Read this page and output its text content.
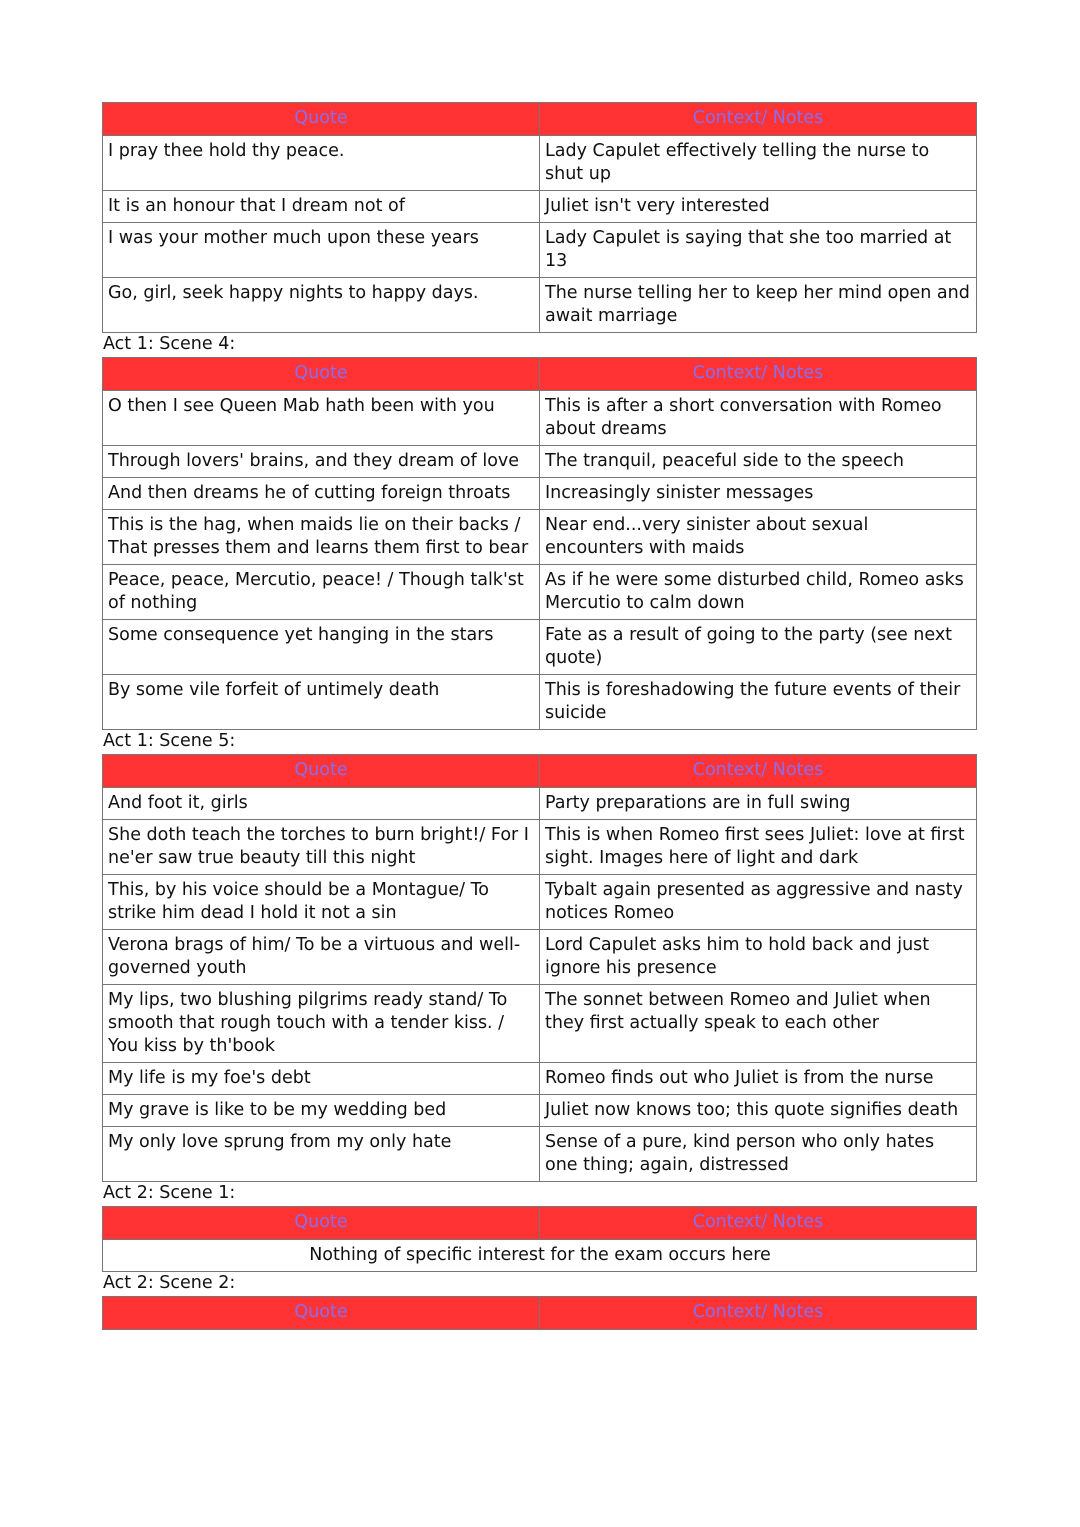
Quote	Context/ Notes
I pray thee hold thy peace.	Lady Capulet effectively telling the nurse to shut up
It is an honour that I dream not of	Juliet isn't very interested
I was your mother much upon these years	Lady Capulet is saying that she too married at 13
Go, girl, seek happy nights to happy days.	The nurse telling her to keep her mind open and await marriage
Act 1: Scene 4:
Quote	Context/ Notes
O then I see Queen Mab hath been with you	This is after a short conversation with Romeo about dreams
Through lovers' brains, and they dream of love	The tranquil, peaceful side to the speech
And then dreams he of cutting foreign throats	Increasingly sinister messages
This is the hag, when maids lie on their backs / That presses them and learns them first to bear	Near end...very sinister about sexual encounters with maids
Peace, peace, Mercutio, peace! / Though talk'st of nothing	As if he were some disturbed child, Romeo asks Mercutio to calm down
Some consequence yet hanging in the stars	Fate as a result of going to the party (see next quote)
By some vile forfeit of untimely death	This is foreshadowing the future events of their suicide
Act 1: Scene 5:
Quote	Context/ Notes
And foot it, girls	Party preparations are in full swing
She doth teach the torches to burn bright!/ For I ne'er saw true beauty till this night	This is when Romeo first sees Juliet: love at first sight. Images here of light and dark
This, by his voice should be a Montague/ To strike him dead I hold it not a sin	Tybalt again presented as aggressive and nasty notices Romeo
Verona brags of him/ To be a virtuous and well-governed youth	Lord Capulet asks him to hold back and just ignore his presence
My lips, two blushing pilgrims ready stand/ To smooth that rough touch with a tender kiss. / You kiss by th'book	The sonnet between Romeo and Juliet when they first actually speak to each other
My life is my foe's debt	Romeo finds out who Juliet is from the nurse
My grave is like to be my wedding bed	Juliet now knows too; this quote signifies death
My only love sprung from my only hate	Sense of a pure, kind person who only hates one thing; again, distressed
Act 2: Scene 1:
Quote	Context/ Notes
Nothing of specific interest for the exam occurs here
Act 2: Scene 2:
Quote	Context/ Notes
